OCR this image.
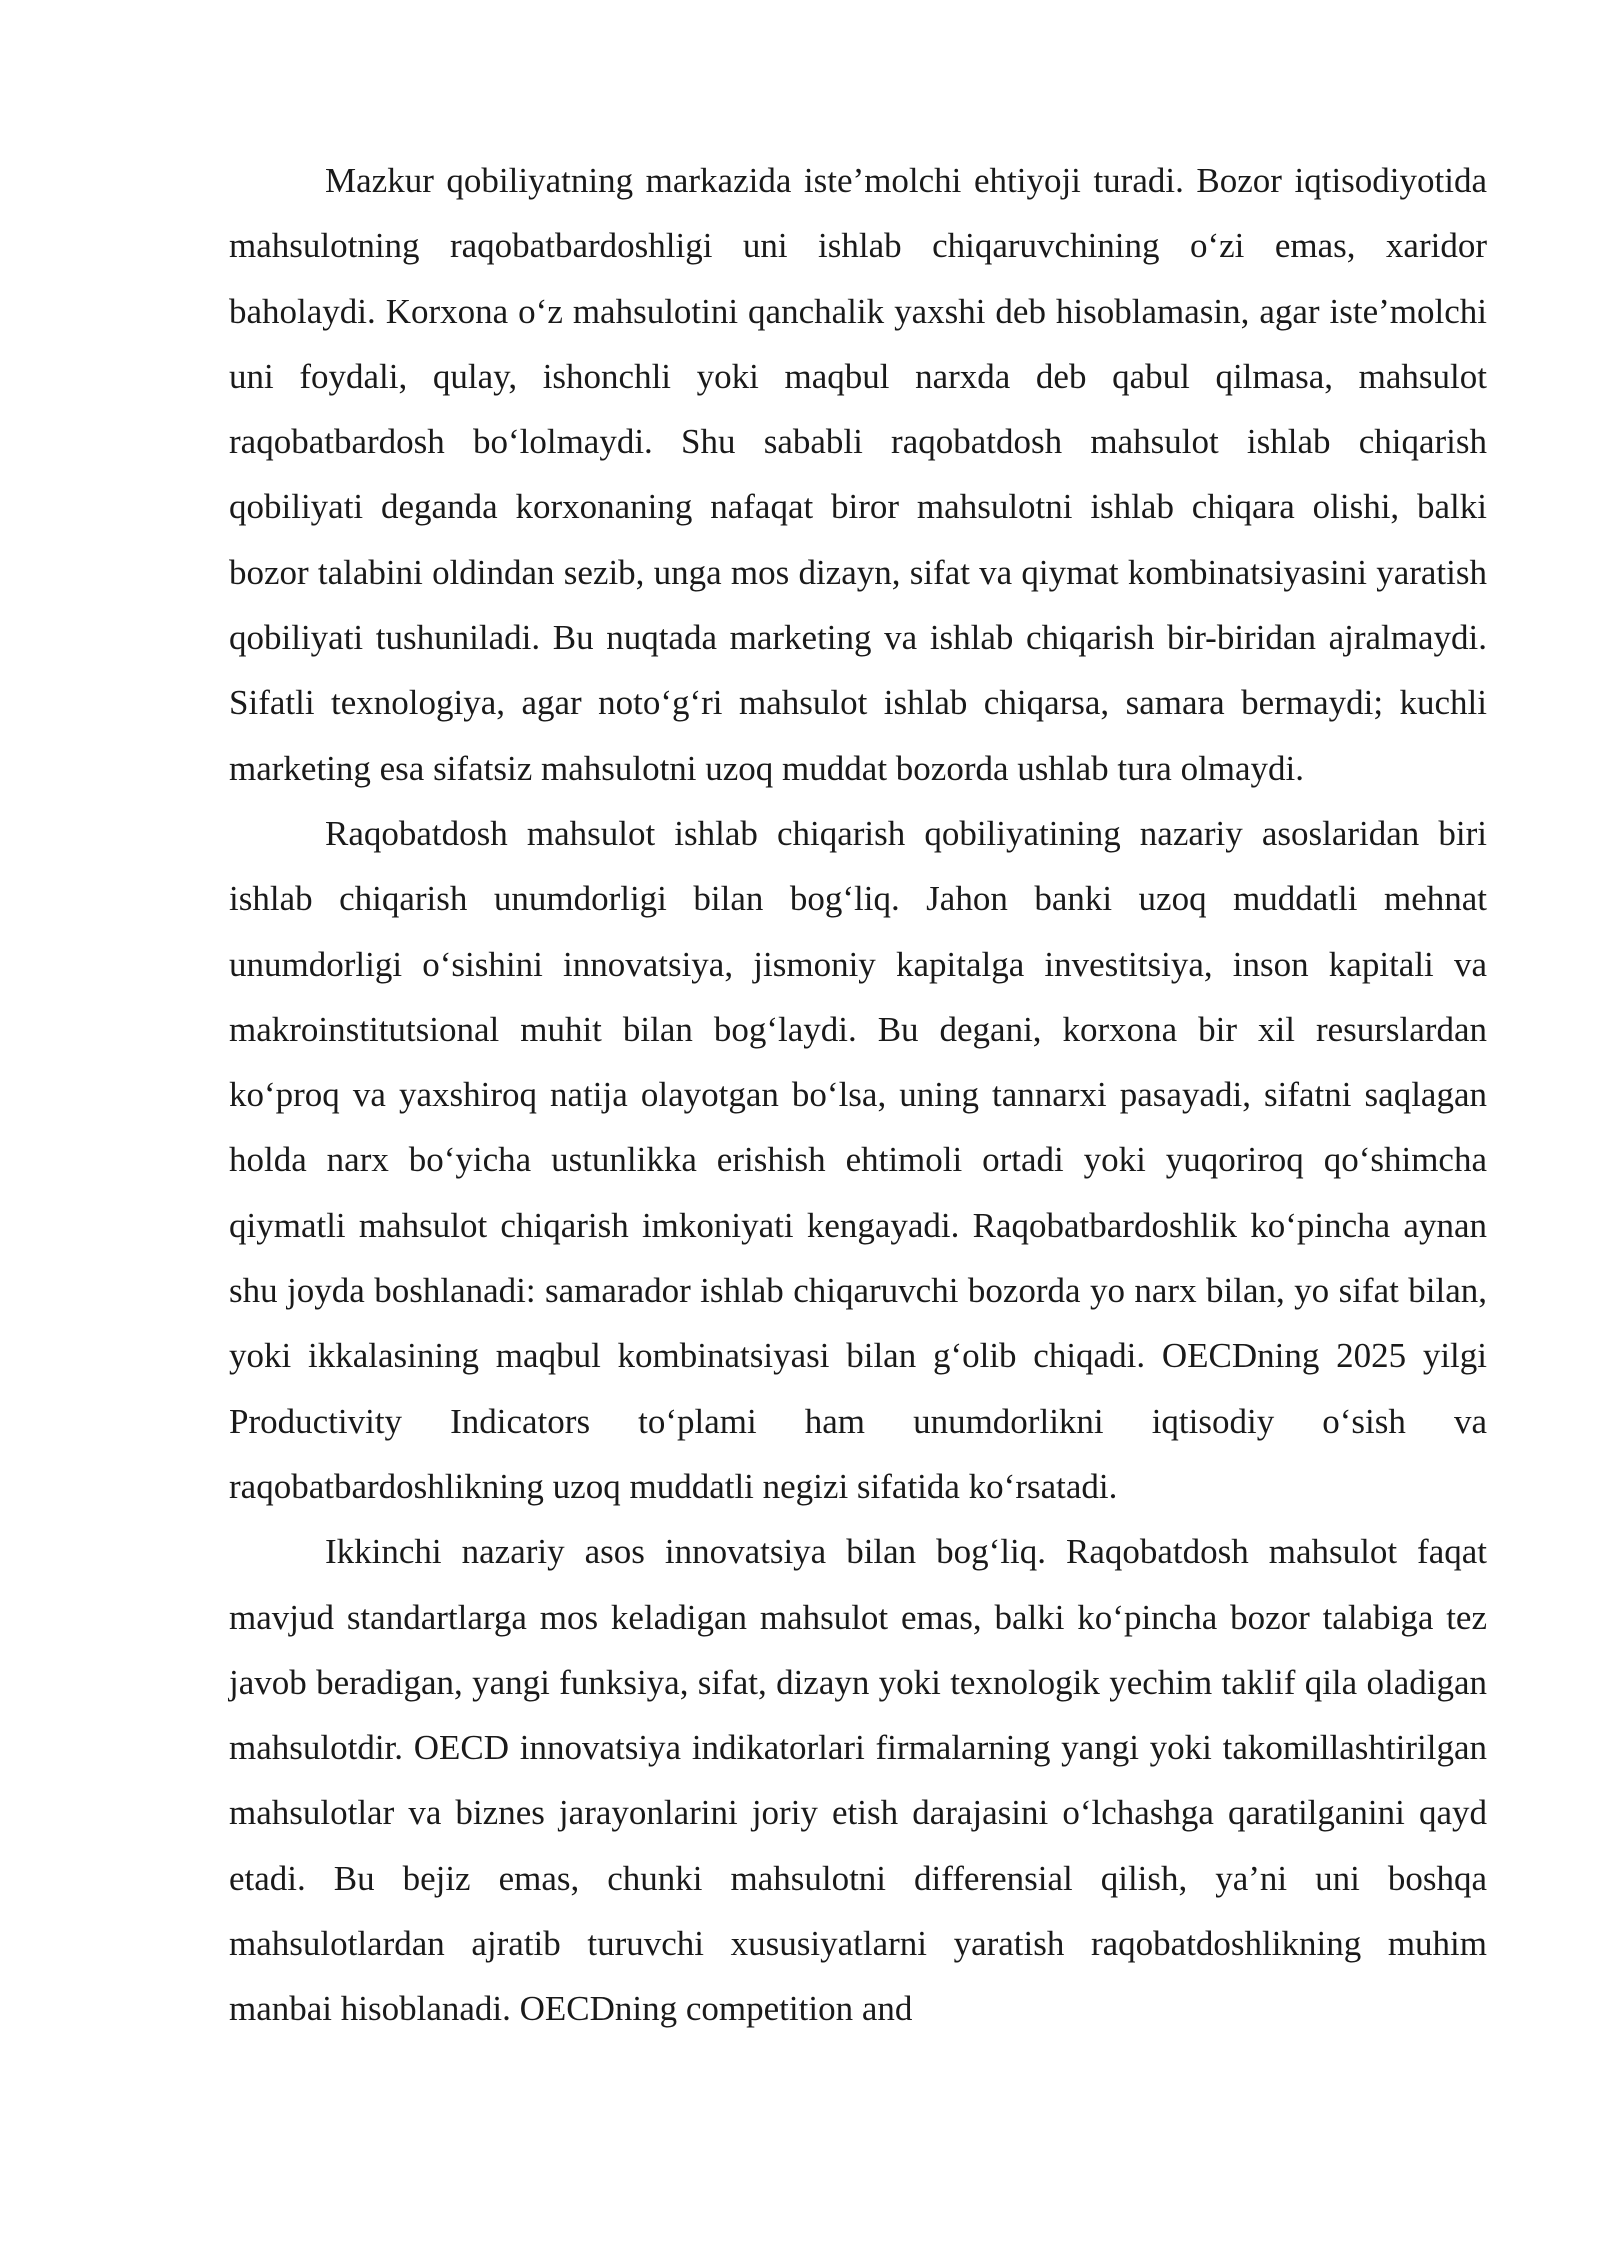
Mazkur qobiliyatning markazida iste’molchi ehtiyoji turadi. Bozor iqtisodiyotida mahsulotning raqobatbardoshligi uni ishlab chiqaruvchining o‘zi emas, xaridor baholaydi. Korxona o‘z mahsulotini qanchalik yaxshi deb hisoblamasin, agar iste’molchi uni foydali, qulay, ishonchli yoki maqbul narxda deb qabul qilmasa, mahsulot raqobatbardosh bo‘lolmaydi. Shu sababli raqobatdosh mahsulot ishlab chiqarish qobiliyati deganda korxonaning nafaqat biror mahsulotni ishlab chiqara olishi, balki bozor talabini oldindan sezib, unga mos dizayn, sifat va qiymat kombinatsiyasini yaratish qobiliyati tushuniladi. Bu nuqtada marketing va ishlab chiqarish bir-biridan ajralmaydi. Sifatli texnologiya, agar noto‘g‘ri mahsulot ishlab chiqarsa, samara bermaydi; kuchli marketing esa sifatsiz mahsulotni uzoq muddat bozorda ushlab tura olmaydi.

Raqobatdosh mahsulot ishlab chiqarish qobiliyatining nazariy asoslaridan biri ishlab chiqarish unumdorligi bilan bog‘liq. Jahon banki uzoq muddatli mehnat unumdorligi o‘sishini innovatsiya, jismoniy kapitalga investitsiya, inson kapitali va makroinstitutsional muhit bilan bog‘laydi. Bu degani, korxona bir xil resurslardan ko‘proq va yaxshiroq natija olayotgan bo‘lsa, uning tannarxi pasayadi, sifatni saqlagan holda narx bo‘yicha ustunlikka erishish ehtimoli ortadi yoki yuqoriroq qo‘shimcha qiymatli mahsulot chiqarish imkoniyati kengayadi. Raqobatbardoshlik ko‘pincha aynan shu joyda boshlanadi: samarador ishlab chiqaruvchi bozorda yo narx bilan, yo sifat bilan, yoki ikkalasining maqbul kombinatsiyasi bilan g‘olib chiqadi. OECDning 2025 yilgi Productivity Indicators to‘plami ham unumdorlikni iqtisodiy o‘sish va raqobatbardoshlikning uzoq muddatli negizi sifatida ko‘rsatadi.

Ikkinchi nazariy asos innovatsiya bilan bog‘liq. Raqobatdosh mahsulot faqat mavjud standartlarga mos keladigan mahsulot emas, balki ko‘pincha bozor talabiga tez javob beradigan, yangi funksiya, sifat, dizayn yoki texnologik yechim taklif qila oladigan mahsulotdir. OECD innovatsiya indikatorlari firmalarning yangi yoki takomillashtirilgan mahsulotlar va biznes jarayonlarini joriy etish darajasini o‘lchashga qaratilganini qayd etadi. Bu bejiz emas, chunki mahsulotni differensial qilish, ya’ni uni boshqa mahsulotlardan ajratib turuvchi xususiyatlarni yaratish raqobatdoshlikning muhim manbai hisoblanadi. OECDning competition and
